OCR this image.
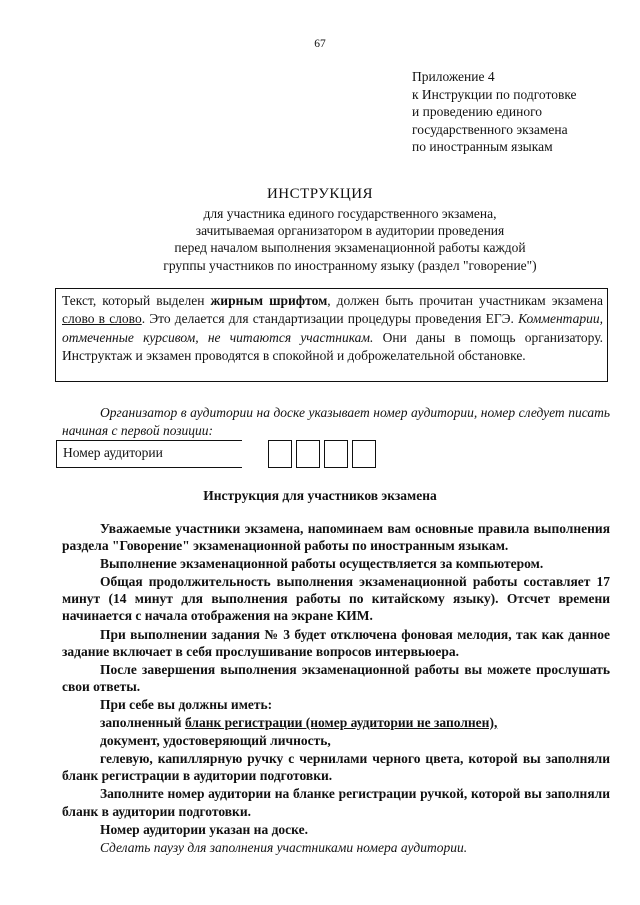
67
Приложение 4
к Инструкции по подготовке
и проведению единого
государственного экзамена
по иностранным языкам
ИНСТРУКЦИЯ
для участника единого государственного экзамена,
зачитываемая организатором в аудитории проведения
перед началом выполнения экзаменационной работы каждой
группы участников по иностранному языку (раздел "говорение")
Текст, который выделен жирным шрифтом, должен быть прочитан участникам экзамена слово в слово. Это делается для стандартизации процедуры проведения ЕГЭ. Комментарии, отмеченные курсивом, не читаются участникам. Они даны в помощь организатору. Инструктаж и экзамен проводятся в спокойной и доброжелательной обстановке.
Организатор в аудитории на доске указывает номер аудитории, номер следует писать начиная с первой позиции:
Номер аудитории
Инструкция для участников экзамена

Уважаемые участники экзамена, напоминаем вам основные правила выполнения раздела "Говорение" экзаменационной работы по иностранным языкам.

Выполнение экзаменационной работы осуществляется за компьютером.

Общая продолжительность выполнения экзаменационной работы составляет 17 минут (14 минут для выполнения работы по китайскому языку). Отсчет времени начинается с начала отображения на экране КИМ.

При выполнении задания № 3 будет отключена фоновая мелодия, так как данное задание включает в себя прослушивание вопросов интервьюера.

После завершения выполнения экзаменационной работы вы можете прослушать свои ответы.

При себе вы должны иметь:

заполненный бланк регистрации (номер аудитории не заполнен),

документ, удостоверяющий личность,

гелевую, капиллярную ручку с чернилами черного цвета, которой вы заполняли бланк регистрации в аудитории подготовки.

Заполните номер аудитории на бланке регистрации ручкой, которой вы заполняли бланк в аудитории подготовки.

Номер аудитории указан на доске.

Сделать паузу для заполнения участниками номера аудитории.
